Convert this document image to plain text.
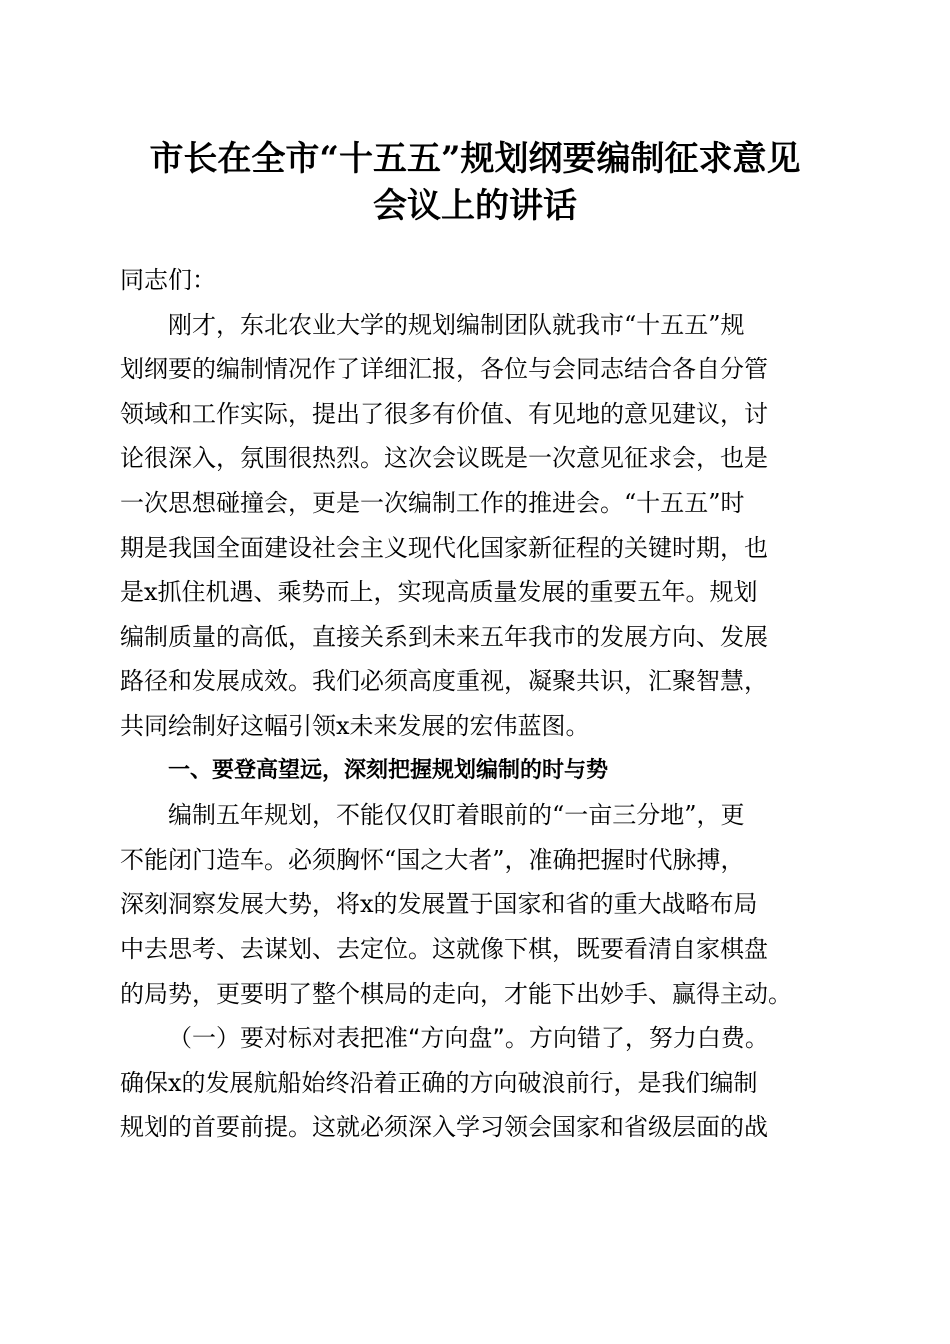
市长在全市“十五五”规划纲要编制征求意见
会议上的讲话
同志们：
刚才，东北农业大学的规划编制团队就我市“十五五”规
划纲要的编制情况作了详细汇报，各位与会同志结合各自分管
领域和工作实际，提出了很多有价值、有见地的意见建议，讨
论很深入，氛围很热烈。这次会议既是一次意见征求会，也是
一次思想碰撞会，更是一次编制工作的推进会。“十五五”时
期是我国全面建设社会主义现代化国家新征程的关键时期，也
是x抓住机遇、乘势而上，实现高质量发展的重要五年。规划
编制质量的高低，直接关系到未来五年我市的发展方向、发展
路径和发展成效。我们必须高度重视，凝聚共识，汇聚智慧，
共同绘制好这幅引领x未来发展的宏伟蓝图。
一、要登高望远，深刻把握规划编制的时与势
编制五年规划，不能仅仅盯着眼前的“一亩三分地”，更
不能闭门造车。必须胸怀“国之大者”，准确把握时代脉搏，
深刻洞察发展大势，将x的发展置于国家和省的重大战略布局
中去思考、去谋划、去定位。这就像下棋，既要看清自家棋盘
的局势，更要明了整个棋局的走向，才能下出妙手、赢得主动。
（一）要对标对表把准“方向盘”。方向错了，努力白费。
确保x的发展航船始终沿着正确的方向破浪前行，是我们编制
规划的首要前提。这就必须深入学习领会国家和省级层面的战
